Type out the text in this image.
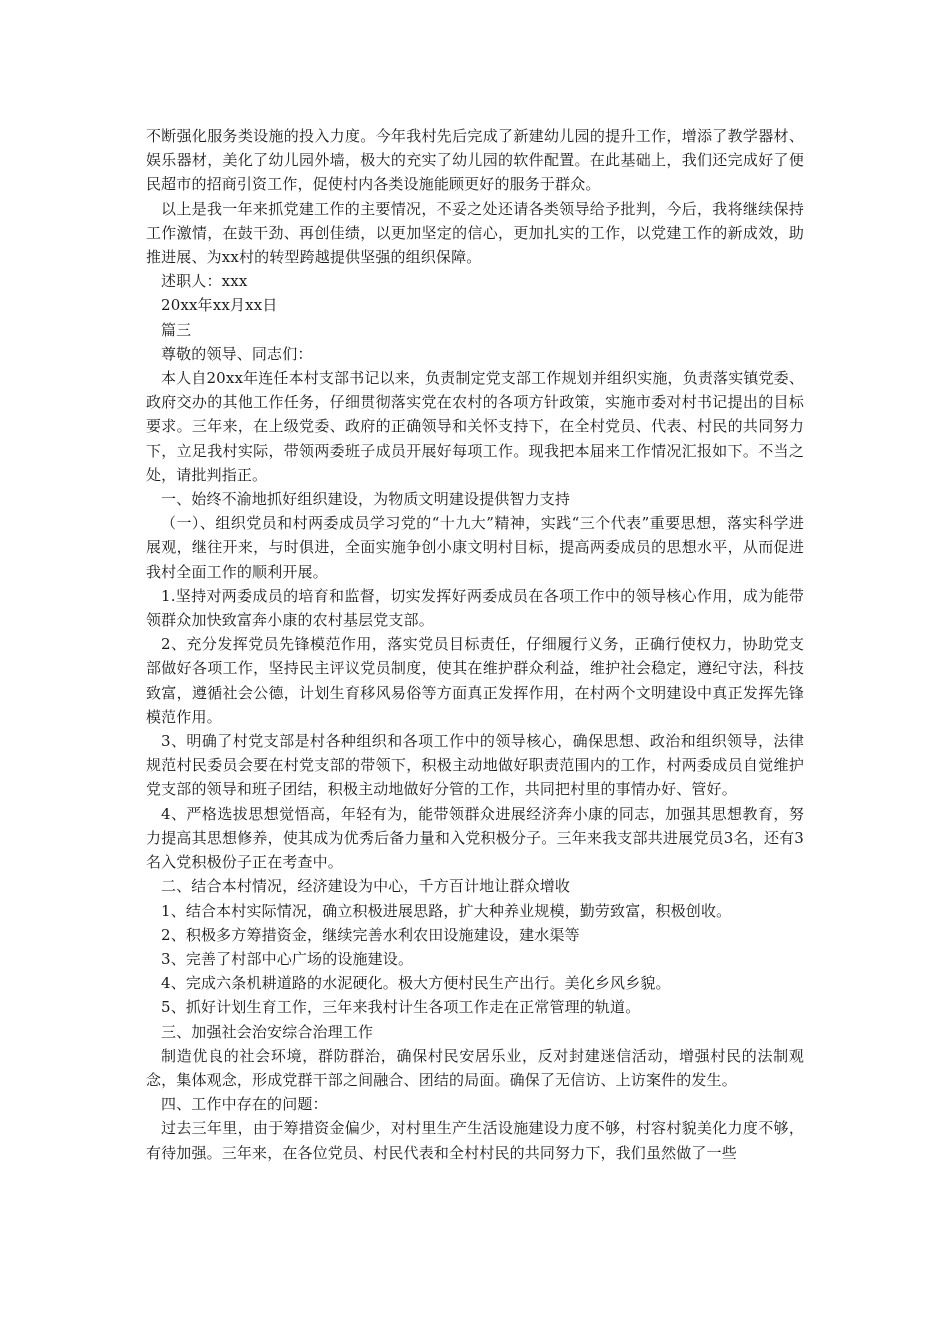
不断强化服务类设施的投入力度。今年我村先后完成了新建幼儿园的提升工作，增添了教学器材、娱乐器材，美化了幼儿园外墙，极大的充实了幼儿园的软件配置。在此基础上，我们还完成好了便民超市的招商引资工作，促使村内各类设施能顾更好的服务于群众。

以上是我一年来抓党建工作的主要情况，不妥之处还请各类领导给予批判，今后，我将继续保持工作激情，在鼓干劲、再创佳绩，以更加坚定的信心，更加扎实的工作，以党建工作的新成效，助推进展、为xx村的转型跨越提供坚强的组织保障。

述职人：xxx

20xx年xx月xx日

篇三

尊敬的领导、同志们：

本人自20xx年连任本村支部书记以来，负责制定党支部工作规划并组织实施，负责落实镇党委、政府交办的其他工作任务，仔细贯彻落实党在农村的各项方针政策，实施市委对村书记提出的目标要求。三年来，在上级党委、政府的正确领导和关怀支持下，在全村党员、代表、村民的共同努力下，立足我村实际，带领两委班子成员开展好每项工作。现我把本届来工作情况汇报如下。不当之处，请批判指正。

一、始终不渝地抓好组织建设，为物质文明建设提供智力支持

（一）、组织党员和村两委成员学习党的“十九大”精神，实践“三个代表”重要思想，落实科学进展观，继往开来，与时俱进，全面实施争创小康文明村目标，提高两委成员的思想水平，从而促进我村全面工作的顺利开展。

1.坚持对两委成员的培育和监督，切实发挥好两委成员在各项工作中的领导核心作用，成为能带领群众加快致富奔小康的农村基层党支部。

2、充分发挥党员先锋模范作用，落实党员目标责任，仔细履行义务，正确行使权力，协助党支部做好各项工作，坚持民主评议党员制度，使其在维护群众利益，维护社会稳定，遵纪守法，科技致富，遵循社会公德，计划生育移风易俗等方面真正发挥作用，在村两个文明建设中真正发挥先锋模范作用。

3、明确了村党支部是村各种组织和各项工作中的领导核心，确保思想、政治和组织领导，法律规范村民委员会要在村党支部的带领下，积极主动地做好职责范围内的工作，村两委成员自觉维护党支部的领导和班子团结，积极主动地做好分管的工作，共同把村里的事情办好、管好。

4、严格选拔思想觉悟高，年轻有为，能带领群众进展经济奔小康的同志，加强其思想教育，努力提高其思想修养，使其成为优秀后备力量和入党积极分子。三年来我支部共进展党员3名，还有3名入党积极份子正在考查中。

二、结合本村情况，经济建设为中心，千方百计地让群众增收

1、结合本村实际情况，确立积极进展思路，扩大种养业规模，勤劳致富，积极创收。

2、积极多方筹措资金，继续完善水利农田设施建设，建水渠等

3、完善了村部中心广场的设施建设。

4、完成六条机耕道路的水泥硬化。极大方便村民生产出行。美化乡风乡貌。

5、抓好计划生育工作，三年来我村计生各项工作走在正常管理的轨道。

三、加强社会治安综合治理工作

制造优良的社会环境，群防群治，确保村民安居乐业，反对封建迷信活动，增强村民的法制观念，集体观念，形成党群干部之间融合、团结的局面。确保了无信访、上访案件的发生。

四、工作中存在的问题：

过去三年里，由于筹措资金偏少，对村里生产生活设施建设力度不够，村容村貌美化力度不够，有待加强。三年来，在各位党员、村民代表和全村村民的共同努力下，我们虽然做了一些
